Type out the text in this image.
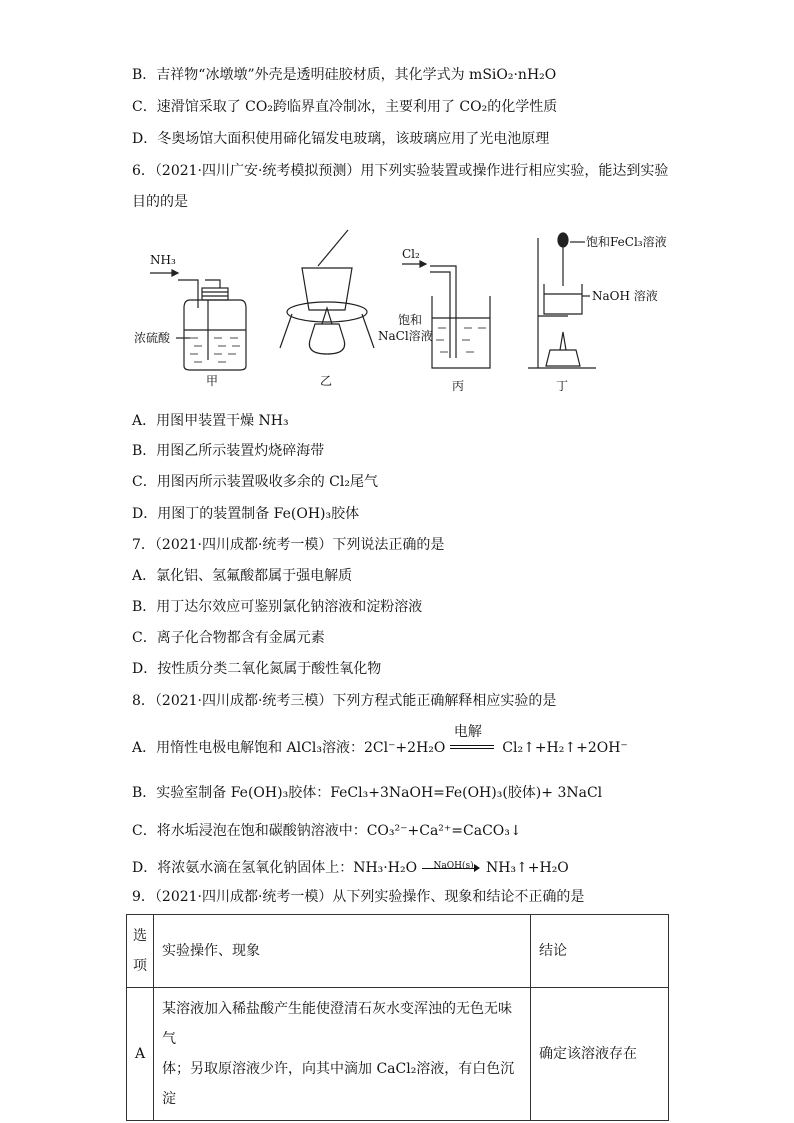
B．吉祥物“冰墩墩”外壳是透明硅胶材质，其化学式为 mSiO₂·nH₂O
C．速滑馆采取了 CO₂跨临界直冷制冰，主要利用了 CO₂的化学性质
D．冬奥场馆大面积使用碲化镉发电玻璃，该玻璃应用了光电池原理
6．（2021·四川广安·统考模拟预测）用下列实验装置或操作进行相应实验，能达到实验
目的的是
NH₃
浓硫酸
甲	乙
Cl₂
饱和
NaCl溶液
丙
饱和FeCl₃溶液
NaOH 溶液
丁
A．用图甲装置干燥 NH₃
B．用图乙所示装置灼烧碎海带
C．用图丙所示装置吸收多余的 Cl₂尾气
D．用图丁的装置制备 Fe(OH)₃胶体
7．（2021·四川成都·统考一模）下列说法正确的是
A．氯化铝、氢氟酸都属于强电解质
B．用丁达尔效应可鉴别氯化钠溶液和淀粉溶液
C．离子化合物都含有金属元素
D．按性质分类二氧化氮属于酸性氧化物
8．（2021·四川成都·统考三模）下列方程式能正确解释相应实验的是
A．用惰性电极电解饱和 AlCl₃溶液：2Cl⁻+2H₂O
电解
Cl₂↑+H₂↑+2OH⁻
B．实验室制备 Fe(OH)₃胶体：FeCl₃+3NaOH=Fe(OH)₃(胶体)+ 3NaCl
C．将水垢浸泡在饱和碳酸钠溶液中：CO₃²⁻+Ca²⁺=CaCO₃↓
D．将浓氨水滴在氢氧化钠固体上：NH₃·H₂O NaOH(s) NH₃↑+H₂O
9．（2021·四川成都·统考一模）从下列实验操作、现象和结论不正确的是
选项	实验操作、现象	结论
A	某溶液加入稀盐酸产生能使澄清石灰水变浑浊的无色无味气
体；另取原溶液少许，向其中滴加 CaCl₂溶液，有白色沉淀	确定该溶液存在
